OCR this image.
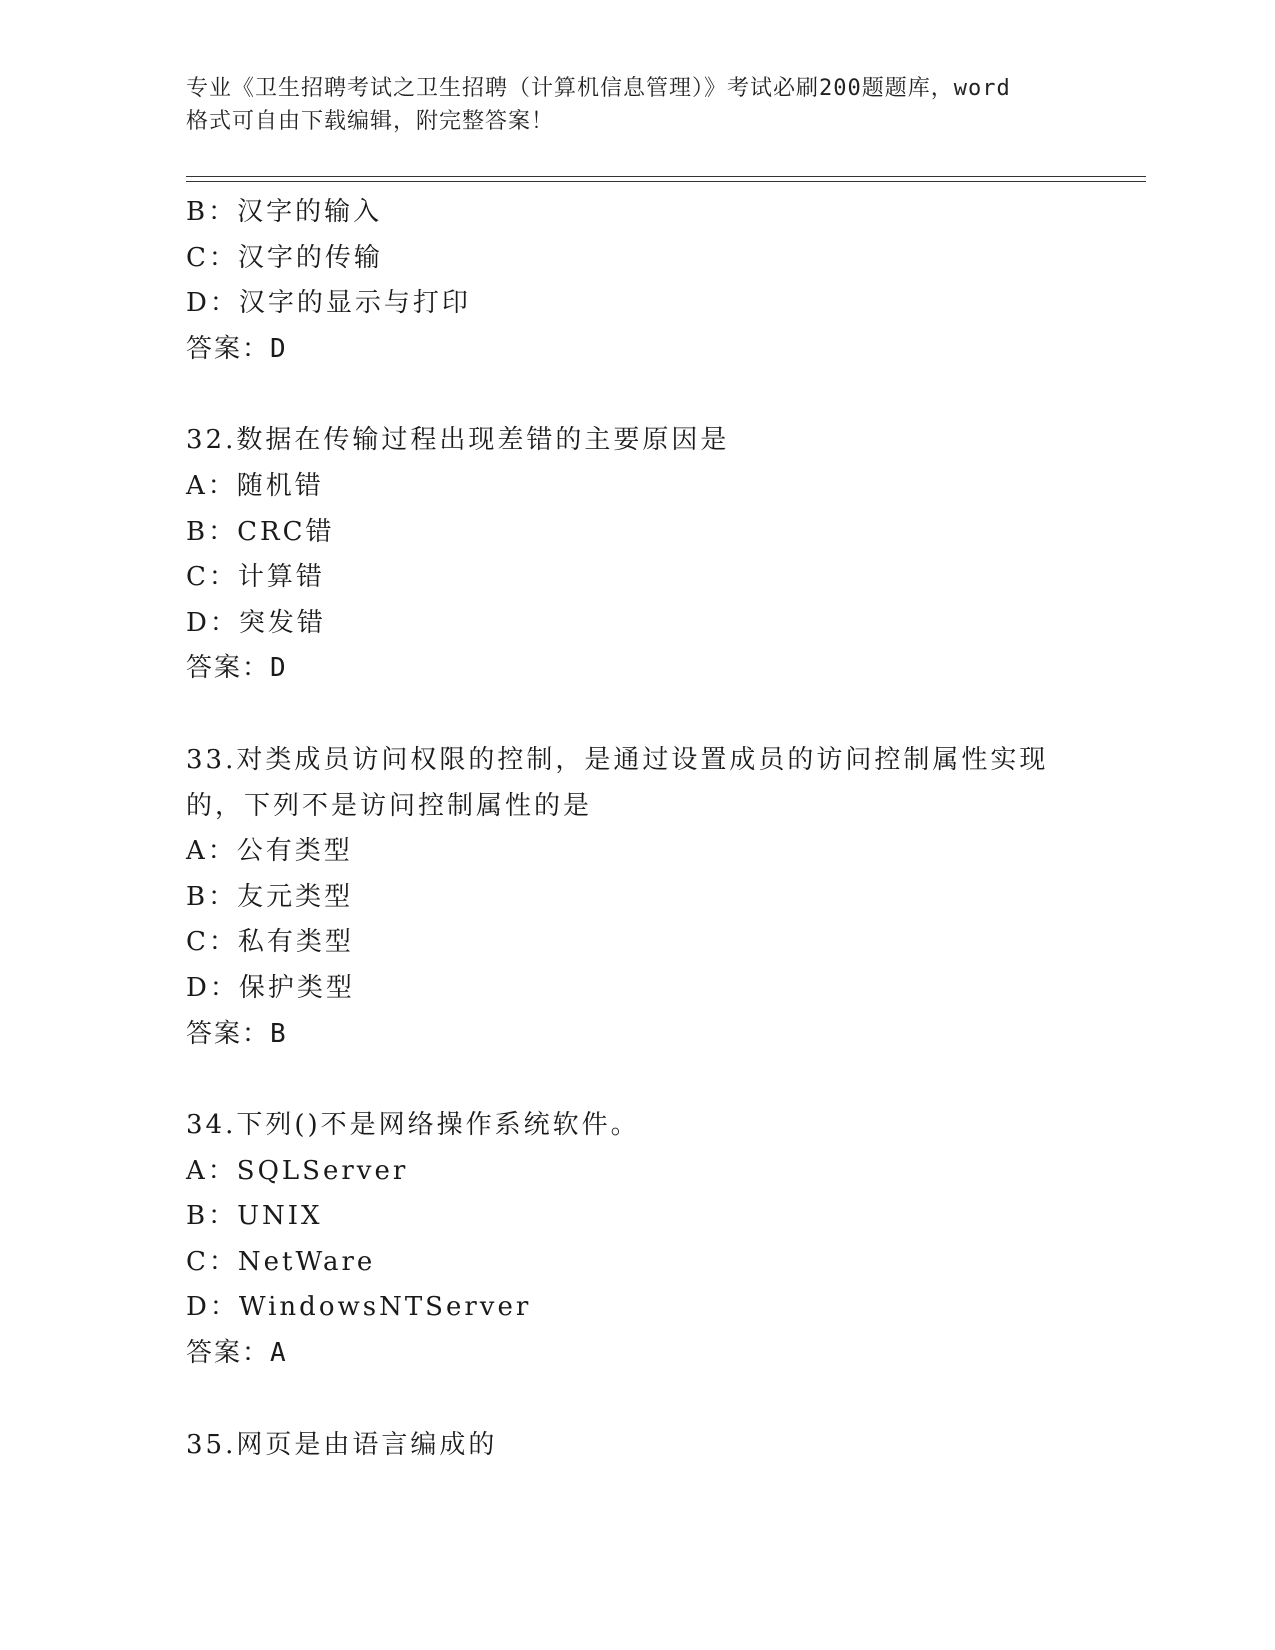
专业《卫生招聘考试之卫生招聘（计算机信息管理）》考试必刷200题题库，word
格式可自由下载编辑，附完整答案！
B：汉字的输入
C：汉字的传输
D：汉字的显示与打印
答案：D
32.数据在传输过程出现差错的主要原因是
A：随机错
B：CRC错
C：计算错
D：突发错
答案：D
33.对类成员访问权限的控制，是通过设置成员的访问控制属性实现的，下列不是访问控制属性的是
A：公有类型
B：友元类型
C：私有类型
D：保护类型
答案：B
34.下列()不是网络操作系统软件。
A：SQLServer
B：UNIX
C：NetWare
D：WindowsNTServer
答案：A
35.网页是由语言编成的
